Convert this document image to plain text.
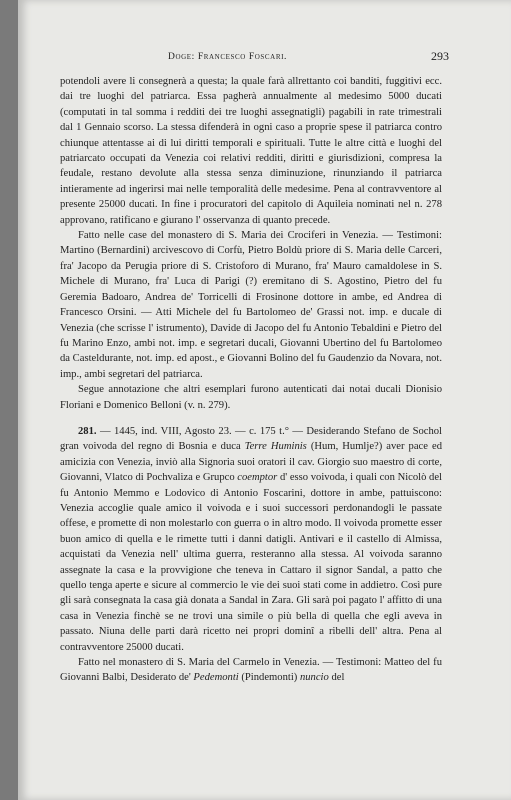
Doge: Francesco Foscari.	293

potendoli avere li consegnerà a questa; la quale farà allrettanto coi banditi, fuggitivi ecc. dai tre luoghi del patriarca. Essa pagherà annualmente al medesimo 5000 ducati (computati in tal somma i redditi dei tre luoghi assegnatigli) pagabili in rate trimestrali dal 1 Gennaio scorso. La stessa difenderà in ogni caso a proprie spese il patriarca contro chiunque attentasse ai di lui diritti temporali e spirituali. Tutte le altre città e luoghi del patriarcato occupati da Venezia coi relativi redditi, diritti e giurisdizioni, compresa la feudale, restano devolute alla stessa senza diminuzione, rinunziando il patriarca intieramente ad ingerirsi mai nelle temporalità delle medesime. Pena al contravventore al presente 25000 ducati. In fine i procuratori del capitolo di Aquileia nominati nel n. 278 approvano, ratificano e giurano l' osservanza di quanto precede.

Fatto nelle case del monastero di S. Maria dei Crociferi in Venezia. — Testimoni: Martino (Bernardini) arcivescovo di Corfù, Pietro Boldù priore di S. Maria delle Carceri, fra' Jacopo da Perugia priore di S. Cristoforo di Murano, fra' Mauro camaldolese in S. Michele di Murano, fra' Luca di Parigi (?) eremitano di S. Agostino, Pietro del fu Geremia Badoaro, Andrea de' Torricelli di Frosinone dottore in ambe, ed Andrea di Francesco Orsini. — Atti Michele del fu Bartolomeo de' Grassi not. imp. e ducale di Venezia (che scrisse l' istrumento), Davide di Jacopo del fu Antonio Tebaldini e Pietro del fu Marino Enzo, ambi not. imp. e segretari ducali, Giovanni Ubertino del fu Bartolomeo da Casteldurante, not. imp. ed apost., e Giovanni Bolino del fu Gaudenzio da Novara, not. imp., ambi segretari del patriarca.

Segue annotazione che altri esemplari furono autenticati dai notai ducali Dionisio Floriani e Domenico Belloni (v. n. 279).

281. — 1445, ind. VIII, Agosto 23. — c. 175 t.° — Desiderando Stefano de Sochol gran voivoda del regno di Bosnia e duca Terre Huminis (Hum, Humlje?) aver pace ed amicizia con Venezia, inviò alla Signoria suoi oratori il cav. Giorgio suo maestro di corte, Giovanni, Vlatco di Pochvaliza e Grupco coemptor d' esso voivoda, i quali con Nicolò del fu Antonio Memmo e Lodovico di Antonio Foscarini, dottore in ambe, pattuiscono: Venezia accoglie quale amico il voivoda e i suoi successori perdonandogli le passate offese, e promette di non molestarlo con guerra o in altro modo. Il voivoda promette esser buon amico di quella e le rimette tutti i danni datigli. Antivari e il castello di Almissa, acquistati da Venezia nell' ultima guerra, resteranno alla stessa. Al voivoda saranno assegnate la casa e la provvigione che teneva in Cattaro il signor Sandal, a patto che quello tenga aperte e sicure al commercio le vie dei suoi stati come in addietro. Così pure gli sarà consegnata la casa già donata a Sandal in Zara. Gli sarà poi pagato l' affitto di una casa in Venezia finchè se ne trovi una simile o più bella di quella che egli aveva in passato. Niuna delle parti darà ricetto nei propri dominî a ribelli dell' altra. Pena al contravventore 25000 ducati.

Fatto nel monastero di S. Maria del Carmelo in Venezia. — Testimoni: Matteo del fu Giovanni Balbi, Desiderato de' Pedemonti (Pindemonti) nuncio del
